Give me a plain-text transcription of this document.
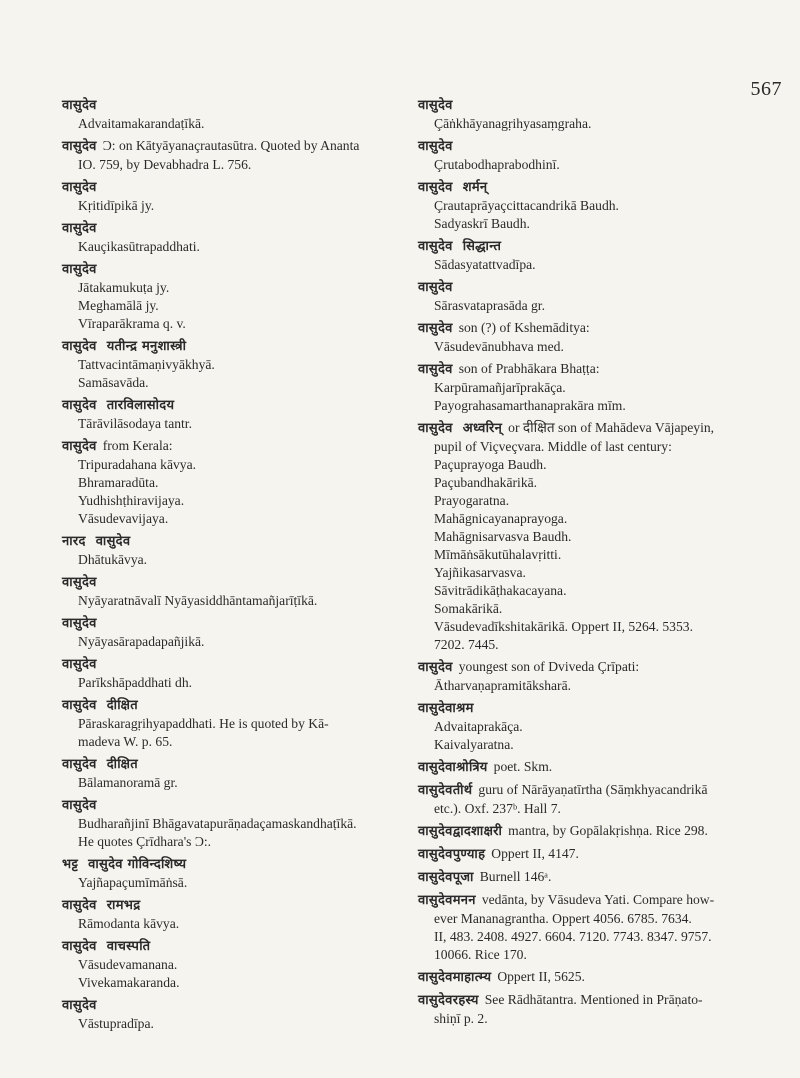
567
वासुदेव
Advaitamakarandaṭīkā.
वासुदेव Ɔ: on Kātyāyanaçrautasūtra. Quoted by Ananta
IO. 759, by Devabhadra L. 756.
वासुदेव
Kṛitidīpikā jy.
वासुदेव
Kauçikasūtrapaddhati.
वासुदेव
Jātakamukuṭa jy.
Meghamālā jy.
Vīraparākrama q. v.
वासुदेव यतीन्द्र मनुशास्त्री
Tattvacintāmaṇivyākhyā.
Samāsavāda.
वासुदेव तारविलासोदय
Tārāvilāsodaya tantr.
वासुदेव from Kerala:
Tripuradahana kāvya.
Bhramaradūta.
Yudhishṭhiravijaya.
Vāsudevavijaya.
नारद वासुदेव
Dhātukāvya.
वासुदेव
Nyāyaratnāvalī Nyāyasiddhāntamañjarīṭīkā.
वासुदेव
Nyāyasārapadapañjikā.
वासुदेव
Parīkshāpaddhati dh.
वासुदेव दीक्षित
Pāraskaragṛihyapaddhati. He is quoted by Kā-
madeva W. p. 65.
वासुदेव दीक्षित
Bālamanoramā gr.
वासुदेव
Budharañjinī Bhāgavatapurāṇadaçamaskandhaṭīkā.
He quotes Çrīdhara's Ɔ:.
भट्ट वासुदेव गोविन्दशिष्य
Yajñapaçumīmāṅsā.
वासुदेव रामभद्र
Rāmodanta kāvya.
वासुदेव वाचस्पति
Vāsudevamanana.
Vivekamakaranda.
वासुदेव
Vāstupradīpa.
वासुदेव
Çāṅkhāyanagṛihyasaṃgraha.
वासुदेव
Çrutabodhaprabodhinī.
वासुदेव शर्मन्
Çrautaprāyaçcittacandrikā Baudh.
Sadyaskrī Baudh.
वासुदेव सिद्धान्त
Sādasyatattvadīpa.
वासुदेव
Sārasvataprasāda gr.
वासुदेव son (?) of Kshemāditya:
Vāsudevānubhava med.
वासुदेव son of Prabhākara Bhaṭṭa:
Karpūramañjarīprakāça.
Payograhasamarthanaprakāra mīm.
वासुदेव अध्वरिन् or दीक्षित son of Mahādeva Vājapeyin,
pupil of Viçveçvara. Middle of last century:
Paçuprayoga Baudh.
Paçubandhakārikā.
Prayogaratna.
Mahāgnicayanaprayoga.
Mahāgnisarvasva Baudh.
Mīmāṅsākutūhalavṛitti.
Yajñikasarvasva.
Sāvitrādikāṭhakacayana.
Somakārikā.
Vāsudevadīkshitakārikā. Oppert II, 5264. 5353.
7202. 7445.
वासुदेव youngest son of Dviveda Çrīpati:
Ātharvaṇapramitāksharā.
वासुदेवाश्रम
Advaitaprakāça.
Kaivalyaratna.
वासुदेवाश्रोत्रिय poet. Skm.
वासुदेवतीर्थ guru of Nārāyaṇatīrtha (Sāṃkhyacandrikā
etc.). Oxf. 237ᵇ. Hall 7.
वासुदेवद्वादशाक्षरी mantra, by Gopālakṛishṇa. Rice 298.
वासुदेवपुण्याह Oppert II, 4147.
वासुदेवपूजा Burnell 146ᵃ.
वासुदेवमनन vedānta, by Vāsudeva Yati. Compare how-
ever Mananagrantha. Oppert 4056. 6785. 7634.
II, 483. 2408. 4927. 6604. 7120. 7743. 8347. 9757.
10066. Rice 170.
वासुदेवमाहात्म्य Oppert II, 5625.
वासुदेवरहस्य See Rādhātantra. Mentioned in Prāṇato-
shiṇī p. 2.
